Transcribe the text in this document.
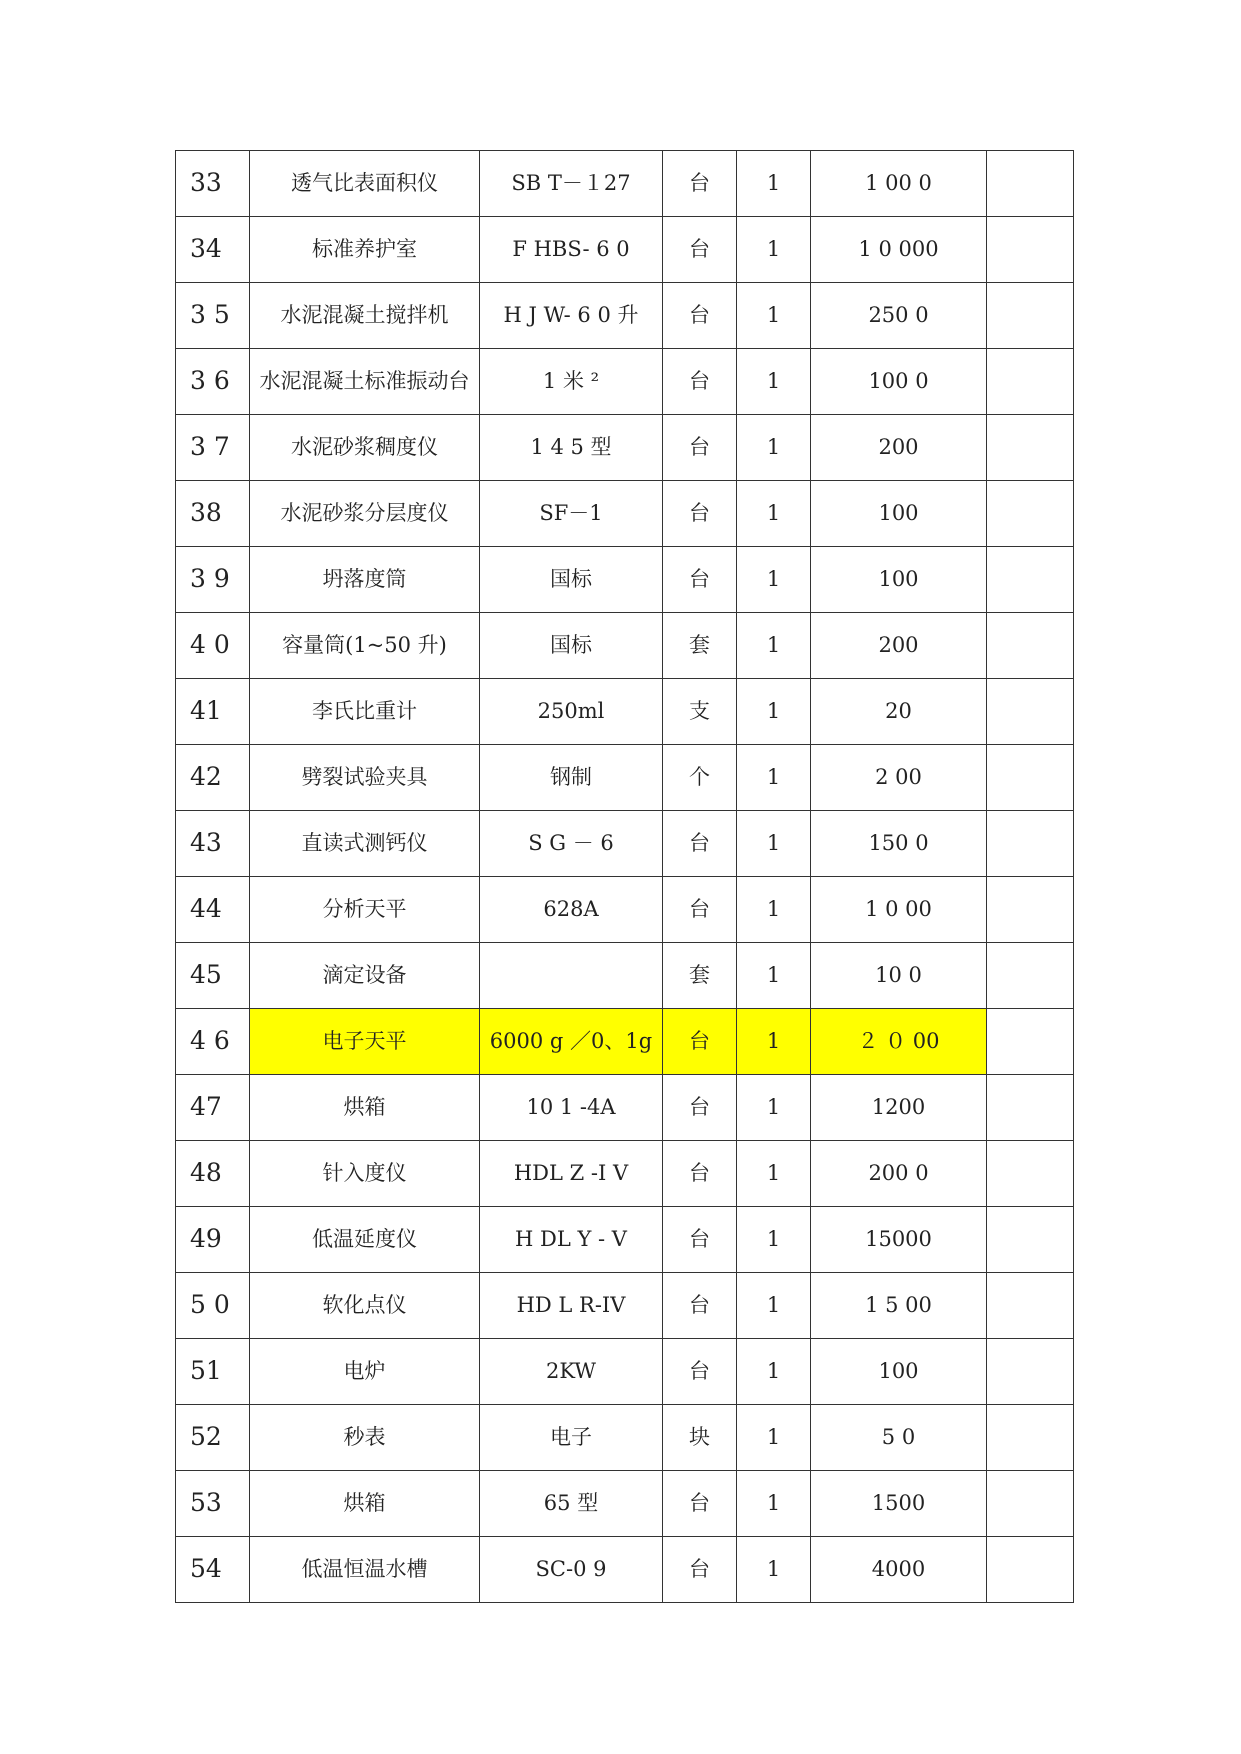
33	透气比表面积仪	SB T－１27	台	1	1 00 0	
34	标准养护室	F HBS- 6 0	台	1	1 0 000	
3 5	水泥混凝土搅拌机	H J W- 6 0 升	台	1	250 0	
3 6	水泥混凝土标准振动台	1 米 ²	台	1	100 0	
3 7	水泥砂浆稠度仪	1 4 5 型	台	1	200	
38	水泥砂浆分层度仪	SF－1	台	1	100	
3 9	坍落度筒	国标	台	1	100	
4 0	容量筒(1~50 升)	国标	套	1	200	
41	李氏比重计	250ml	支	1	20	
42	劈裂试验夹具	钢制	个	1	2 00	
43	直读式测钙仪	S G － 6	台	1	150 0	
44	分析天平	628A	台	1	1 0 00	
45	滴定设备		套	1	10 0	
4 6	电子天平	6000 g ／0、1g	台	1	２ ０ 00	
47	烘箱	10 1 -4A	台	1	1200	
48	针入度仪	HDL Z -I V	台	1	200 0	
49	低温延度仪	H DL Y - V	台	1	15000	
5 0	软化点仪	HD L R-IV	台	1	1 5 00	
51	电炉	2KW	台	1	100	
52	秒表	电子	块	1	5 0	
53	烘箱	65 型	台	1	1500	
54	低温恒温水槽	SC-0 9	台	1	4000	
